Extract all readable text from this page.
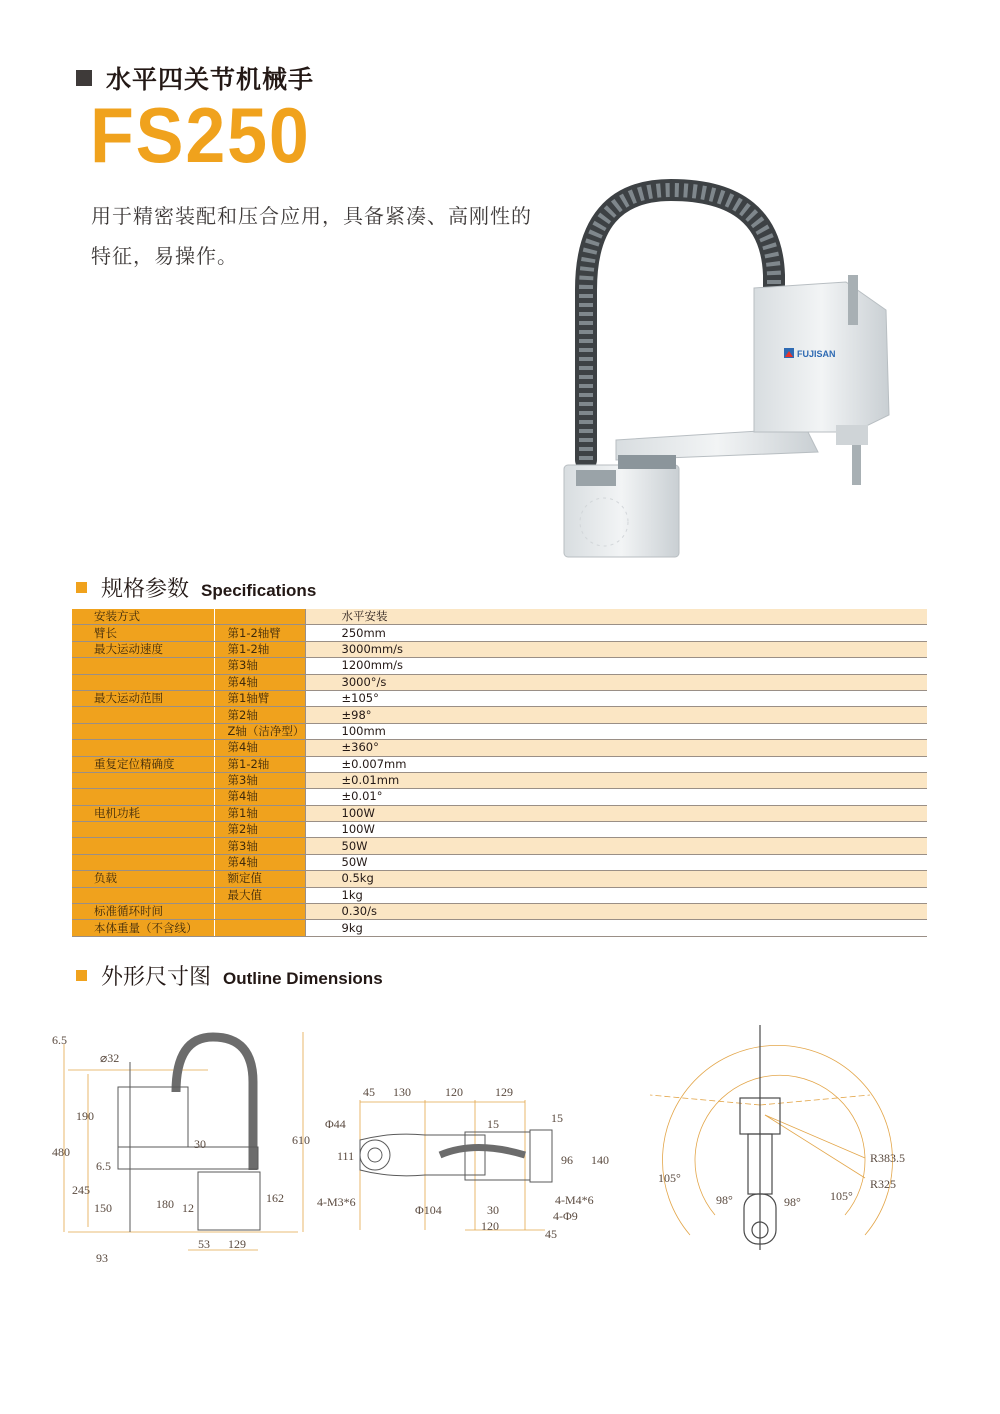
水平四关节机械手
FS250
用于精密装配和压合应用，具备紧凑、高刚性的特征，易操作。
FUJISAN
规格参数 Specifications
安装方式		水平安装
臂长	第1-2轴臂	250mm
最大运动速度	第1-2轴	3000mm/s
	第3轴	1200mm/s
	第4轴	3000°/s
最大运动范围	第1轴臂	±105°
	第2轴	±98°
	Z轴（洁净型）	100mm
	第4轴	±360°
重复定位精确度	第1-2轴	±0.007mm
	第3轴	±0.01mm
	第4轴	±0.01°
电机功耗	第1轴	100W
	第2轴	100W
	第3轴	50W
	第4轴	50W
负载	额定值	0.5kg
	最大值	1kg
标准循环时间		0.30/s
本体重量（不含线）		9kg
外形尺寸图 Outline Dimensions
6.5
⌀32
190
480
6.5
245
150	180 12
30
162
610
53 129
93
45 130	120	129
Φ44	15	15
111	96 140
4-M3*6
Φ104	30
4-M4*6
4-Φ9
120
45
R383.5
R325
105°
105°
98°	98°
